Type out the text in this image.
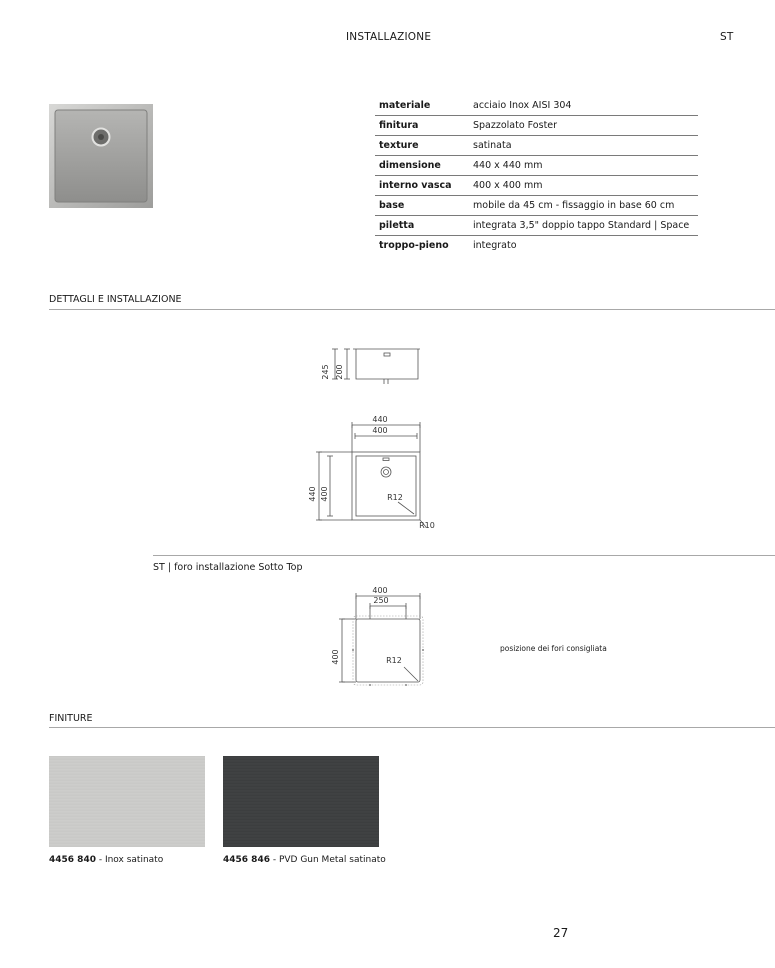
INSTALLAZIONE	ST
materiale	acciaio Inox AISI 304
finitura	Spazzolato Foster
texture	satinata
dimensione	440 x 440 mm
interno vasca	400 x 400 mm
base	mobile da 45 cm - fissaggio in base 60 cm
piletta	integrata 3,5" doppio tappo Standard | Space
troppo-pieno	integrato
DETTAGLI E INSTALLAZIONE
245 200
440
400
440 400	R12
R10
ST | foro installazione Sotto Top
400
250
400	R12
posizione dei fori consigliata
FINITURE
4456 840 - Inox satinato	4456 846 - PVD Gun Metal satinato
27
